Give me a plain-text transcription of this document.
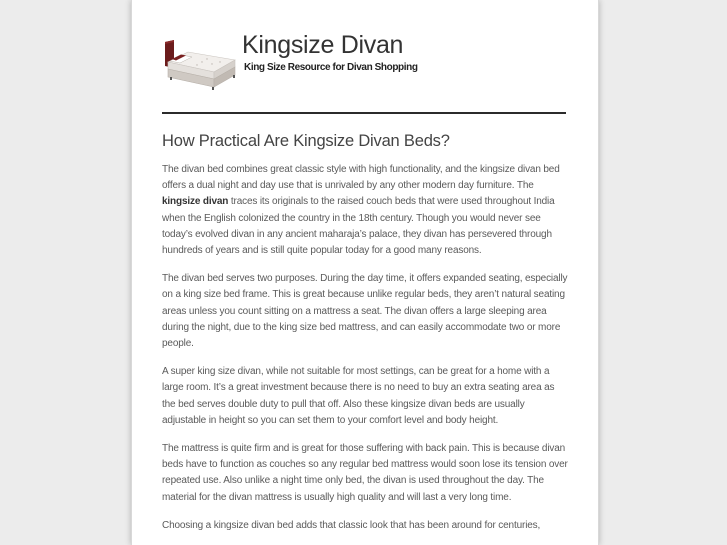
Kingsize Divan
King Size Resource for Divan Shopping
How Practical Are Kingsize Divan Beds?

The divan bed combines great classic style with high functionality, and the kingsize divan bed offers a dual night and day use that is unrivaled by any other modern day furniture. The kingsize divan traces its originals to the raised couch beds that were used throughout India when the English colonized the country in the 18th century. Though you would never see today’s evolved divan in any ancient maharaja’s palace, they divan has persevered through hundreds of years and is still quite popular today for a good many reasons.

The divan bed serves two purposes. During the day time, it offers expanded seating, especially on a king size bed frame. This is great because unlike regular beds, they aren’t natural seating areas unless you count sitting on a mattress a seat. The divan offers a large sleeping area during the night, due to the king size bed mattress, and can easily accommodate two or more people.

A super king size divan, while not suitable for most settings, can be great for a home with a large room. It’s a great investment because there is no need to buy an extra seating area as the bed serves double duty to pull that off. Also these kingsize divan beds are usually adjustable in height so you can set them to your comfort level and body height.

The mattress is quite firm and is great for those suffering with back pain. This is because divan beds have to function as couches so any regular bed mattress would soon lose its tension over repeated use. Also unlike a night time only bed, the divan is used throughout the day. The material for the divan mattress is usually high quality and will last a very long time.

Choosing a kingsize divan bed adds that classic look that has been around for centuries,
